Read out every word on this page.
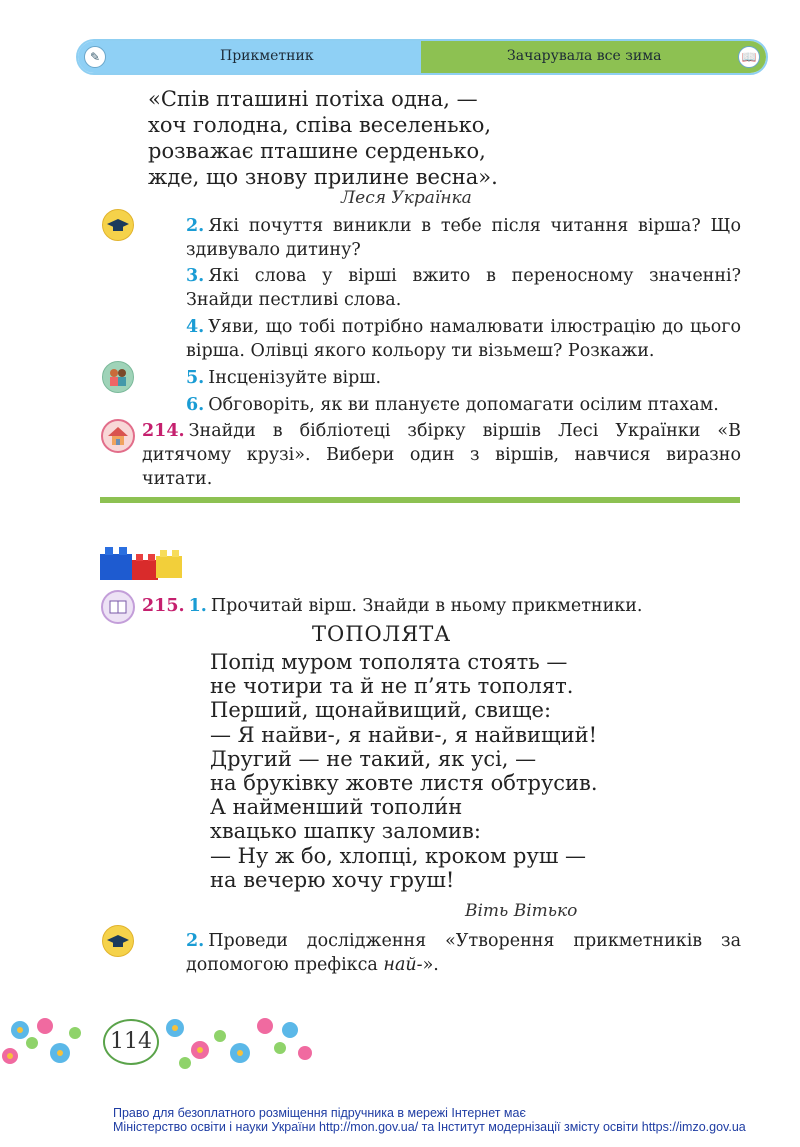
✎	Прикметник	Зачарувала все зима	📖
«Спів пташині потіха одна, —
хоч голодна, співа веселенько,
розважає пташине серденько,
жде, що знову прилине весна».
Леся Українка
2. Які почуття виникли в тебе після читання вірша? Що здивувало дитину?
3. Які слова у вірші вжито в переносному значенні? Знайди пестливі слова.
4. Уяви, що тобі потрібно намалювати ілюстрацію до цього вірша. Олівці якого кольору ти візьмеш? Розкажи.
5. Інсценізуйте вірш.
6. Обговоріть, як ви плануєте допомагати осілим птахам.
214. Знайди в бібліотеці збірку віршів Лесі Українки «В дитячому крузі». Вибери один з віршів, навчися виразно читати.
215. 1. Прочитай вірш. Знайди в ньому прикметники.
ТОПОЛЯТА
Попід муром тополята стоять —
не чотири та й не п’ять тополят.
Перший, щонайвищий, свище:
— Я найви-, я найви-, я найвищий!
Другий — не такий, як усі, —
на бруківку жовте листя обтрусив.
А найменший тополи́н
хвацько шапку заломив:
— Ну ж бо, хлопці, кроком руш —
на вечерю хочу груш!
Віть Вітько
2. Проведи дослідження «Утворення прикметників за допомогою префікса най-».
114
Право для безоплатного розміщення підручника в мережі Інтернет має
Міністерство освіти і науки України http://mon.gov.ua/ та Інститут модернізації змісту освіти https://imzo.gov.ua
